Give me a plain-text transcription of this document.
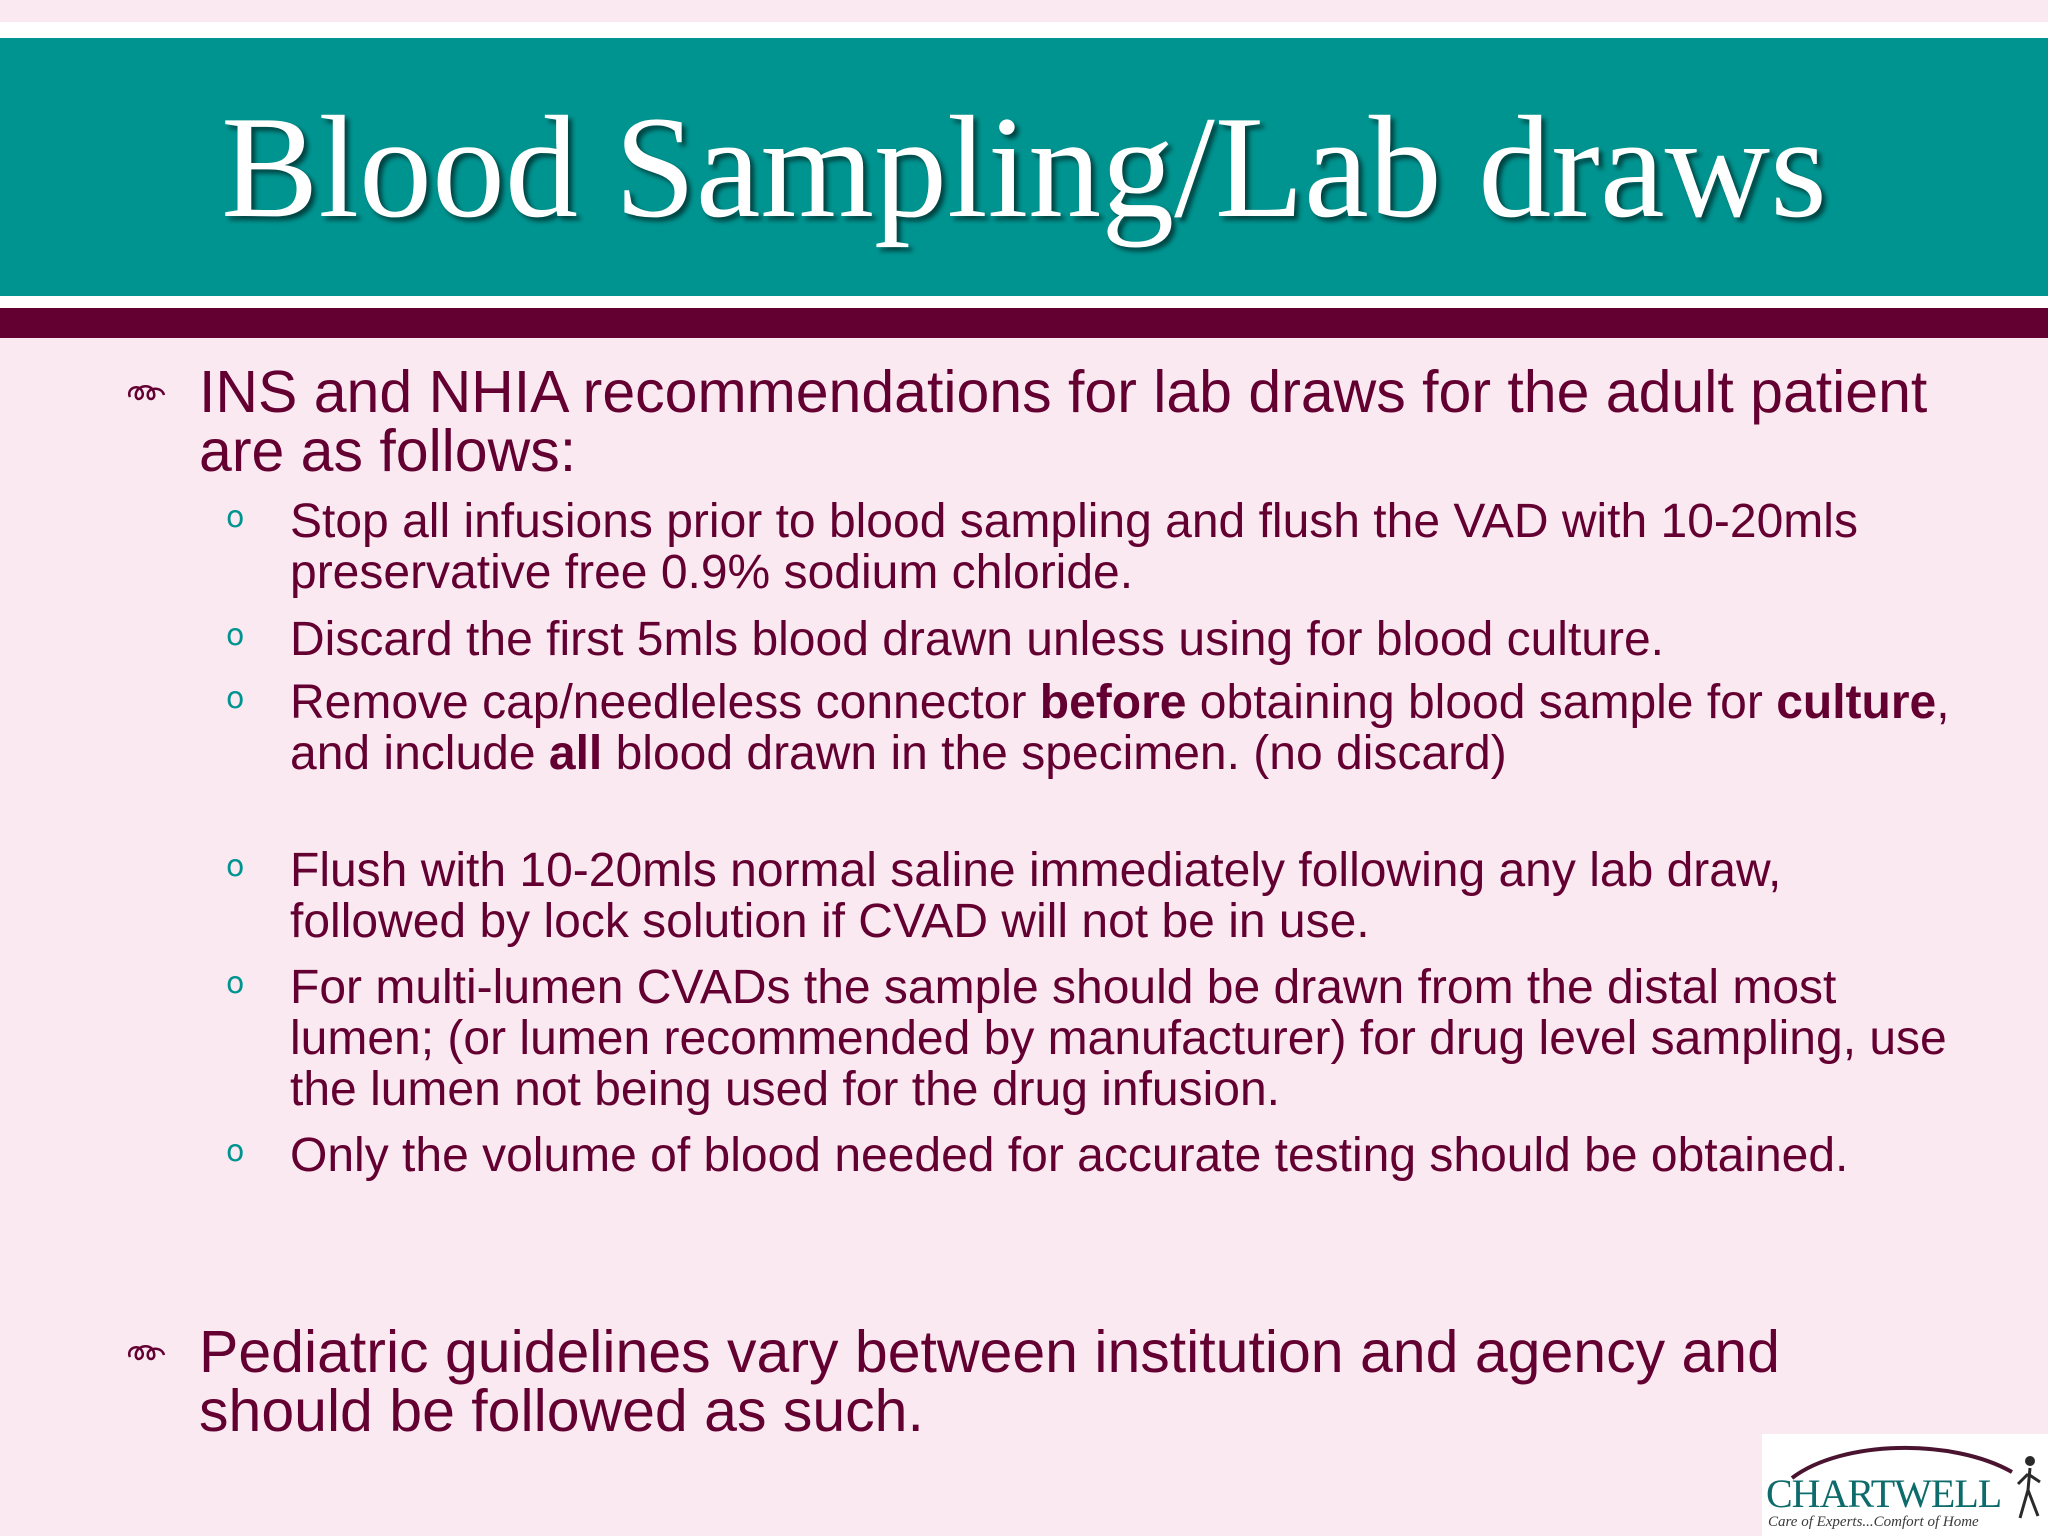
Blood Sampling/Lab draws
INS and NHIA recommendations for lab draws for the adult patient are as follows:
o Stop all infusions prior to blood sampling and flush the VAD with 10-20mls preservative free 0.9% sodium chloride.
o Discard the first 5mls blood drawn unless using for blood culture.
o Remove cap/needleless connector before obtaining blood sample for culture, and include all blood drawn in the specimen. (no discard)
o Flush with 10-20mls normal saline immediately following any lab draw, followed by lock solution if CVAD will not be in use.
o For multi-lumen CVADs the sample should be drawn from the distal most lumen; (or lumen recommended by manufacturer) for drug level sampling, use the lumen not being used for the drug infusion.
o Only the volume of blood needed for accurate testing should be obtained.
Pediatric guidelines vary between institution and agency and should be followed as such.
CHARTWELL
Care of Experts...Comfort of Home
